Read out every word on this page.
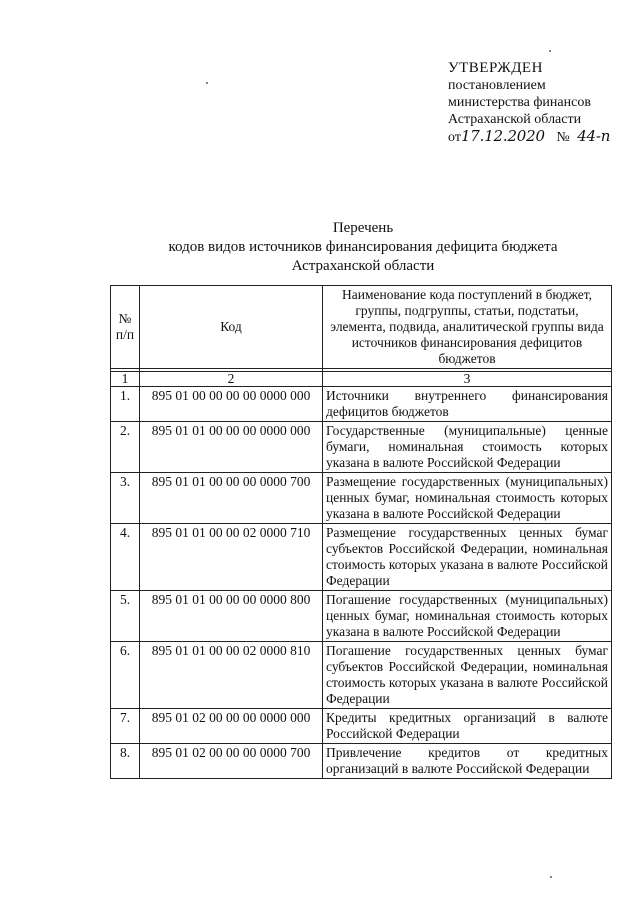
УТВЕРЖДЕН
постановлением
министерства финансов
Астраханской области
от17.12.2020 № 44-п
Перечень
кодов видов источников финансирования дефицита бюджета
Астраханской области
№ п/п	Код	Наименование кода поступлений в бюджет, группы, подгруппы, статьи, подстатьи, элемента, подвида, аналитической группы вида источников финансирования дефицитов бюджетов

1	2	3
1.	895 01 00 00 00 00 0000 000	Источники внутреннего финансирования дефицитов бюджетов
2.	895 01 01 00 00 00 0000 000	Государственные (муниципальные) ценные бумаги, номинальная стоимость которых указана в валюте Российской Федерации
3.	895 01 01 00 00 00 0000 700	Размещение государственных (муниципальных) ценных бумаг, номинальная стоимость которых указана в валюте Российской Федерации
4.	895 01 01 00 00 02 0000 710	Размещение государственных ценных бумаг субъектов Российской Федерации, номинальная стоимость которых указана в валюте Российской Федерации
5.	895 01 01 00 00 00 0000 800	Погашение государственных (муниципальных) ценных бумаг, номинальная стоимость которых указана в валюте Российской Федерации
6.	895 01 01 00 00 02 0000 810	Погашение государственных ценных бумаг субъектов Российской Федерации, номинальная стоимость которых указана в валюте Российской Федерации
7.	895 01 02 00 00 00 0000 000	Кредиты кредитных организаций в валюте Российской Федерации
8.	895 01 02 00 00 00 0000 700	Привлечение кредитов от кредитных организаций в валюте Российской Федерации
